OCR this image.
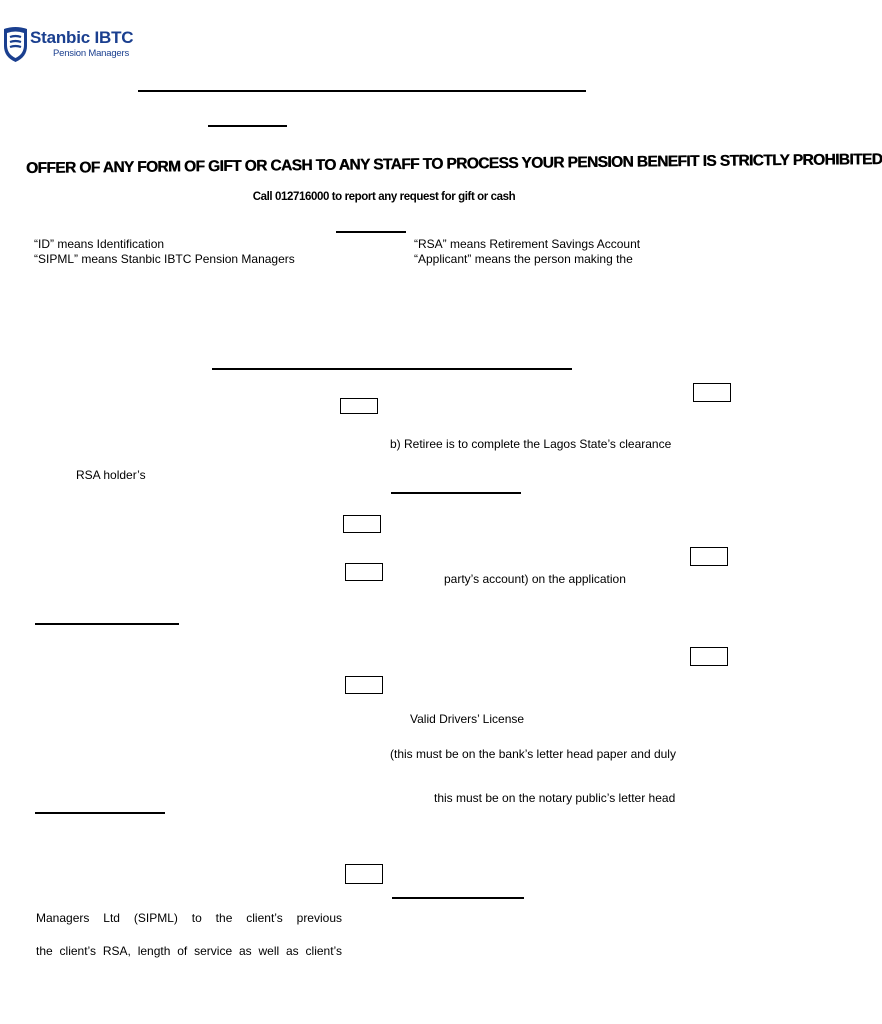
Stanbic IBTC
Pension Managers
OFFER OF ANY FORM OF GIFT OR CASH TO ANY STAFF TO PROCESS YOUR PENSION BENEFIT IS STRICTLY PROHIBITED
Call 012716000 to report any request for gift or cash
“ID” means Identification
“SIPML” means Stanbic IBTC Pension Managers
“RSA” means Retirement Savings Account
“Applicant” means the person making the
b) Retiree is to complete the Lagos State’s clearance
RSA holder’s
party’s account) on the application
Valid Drivers’ License
(this must be on the bank’s letter head paper and duly
this must be on the notary public’s letter head
Managers Ltd (SIPML) to the client’s previous
the client’s RSA, length of service as well as client’s
